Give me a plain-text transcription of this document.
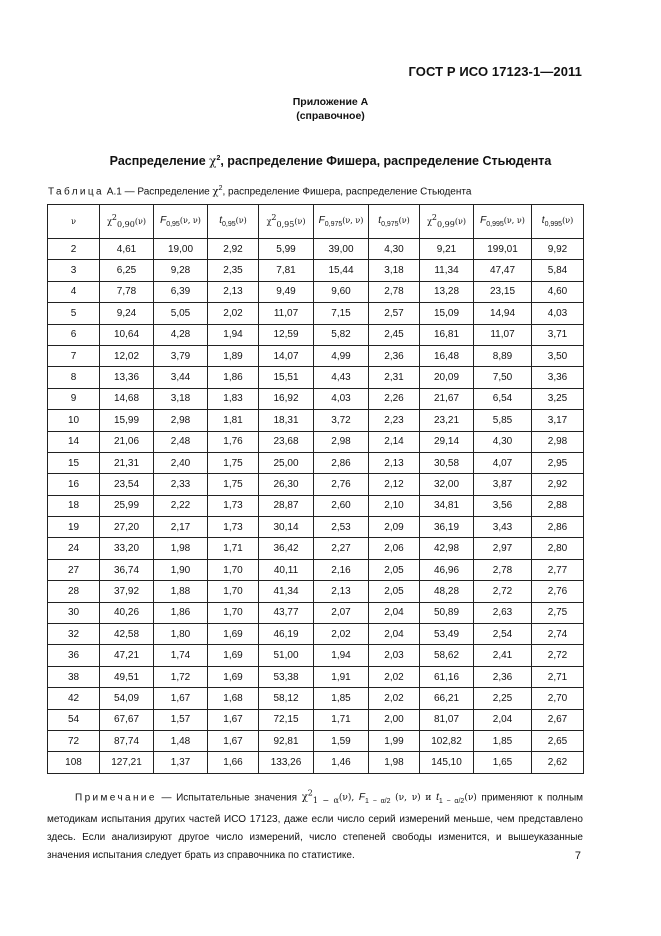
ГОСТ Р ИСО 17123-1—2011
Приложение А
(справочное)
Распределение $\chi^2$, распределение Фишера, распределение Стьюдента
Таблица А.1 — Распределение $\chi^2$, распределение Фишера, распределение Стьюдента
ν	$\chi^2_{0,90}(\nu)$	$F_{0,95}(\nu$, ν)	$t_{0,95}(\nu)$	$\chi^2_{0,95}(\nu)$	$F_{0,975}(\nu$, ν)	$t_{0,975}(\nu)$	$\chi^2_{0,99}(\nu)$	$F_{0,995}(\nu$, ν)	$t_{0,995}(\nu)$
2	4,61	19,00	2,92	5,99	39,00	4,30	9,21	199,01	9,92
3	6,25	9,28	2,35	7,81	15,44	3,18	11,34	47,47	5,84
4	7,78	6,39	2,13	9,49	9,60	2,78	13,28	23,15	4,60
5	9,24	5,05	2,02	11,07	7,15	2,57	15,09	14,94	4,03
6	10,64	4,28	1,94	12,59	5,82	2,45	16,81	11,07	3,71
7	12,02	3,79	1,89	14,07	4,99	2,36	16,48	8,89	3,50
8	13,36	3,44	1,86	15,51	4,43	2,31	20,09	7,50	3,36
9	14,68	3,18	1,83	16,92	4,03	2,26	21,67	6,54	3,25
10	15,99	2,98	1,81	18,31	3,72	2,23	23,21	5,85	3,17
14	21,06	2,48	1,76	23,68	2,98	2,14	29,14	4,30	2,98
15	21,31	2,40	1,75	25,00	2,86	2,13	30,58	4,07	2,95
16	23,54	2,33	1,75	26,30	2,76	2,12	32,00	3,87	2,92
18	25,99	2,22	1,73	28,87	2,60	2,10	34,81	3,56	2,88
19	27,20	2,17	1,73	30,14	2,53	2,09	36,19	3,43	2,86
24	33,20	1,98	1,71	36,42	2,27	2,06	42,98	2,97	2,80
27	36,74	1,90	1,70	40,11	2,16	2,05	46,96	2,78	2,77
28	37,92	1,88	1,70	41,34	2,13	2,05	48,28	2,72	2,76
30	40,26	1,86	1,70	43,77	2,07	2,04	50,89	2,63	2,75
32	42,58	1,80	1,69	46,19	2,02	2,04	53,49	2,54	2,74
36	47,21	1,74	1,69	51,00	1,94	2,03	58,62	2,41	2,72
38	49,51	1,72	1,69	53,38	1,91	2,02	61,16	2,36	2,71
42	54,09	1,67	1,68	58,12	1,85	2,02	66,21	2,25	2,70
54	67,67	1,57	1,67	72,15	1,71	2,00	81,07	2,04	2,67
72	87,74	1,48	1,67	92,81	1,59	1,99	102,82	1,85	2,65
108	127,21	1,37	1,66	133,26	1,46	1,98	145,10	1,65	2,62
Примечание — Испытательные значения $\chi^2_{1 - \alpha}(\nu)$, $F_{1 - \alpha/2}$ (ν, ν) и $t_{1 - \alpha/2}(\nu)$ применяют к полным методикам испытания других частей ИСО 17123, даже если число серий измерений меньше, чем представлено здесь. Если анализируют другое число измерений, число степеней свободы изменится, и вышеуказанные значения испытания следует брать из справочника по статистике.	7
